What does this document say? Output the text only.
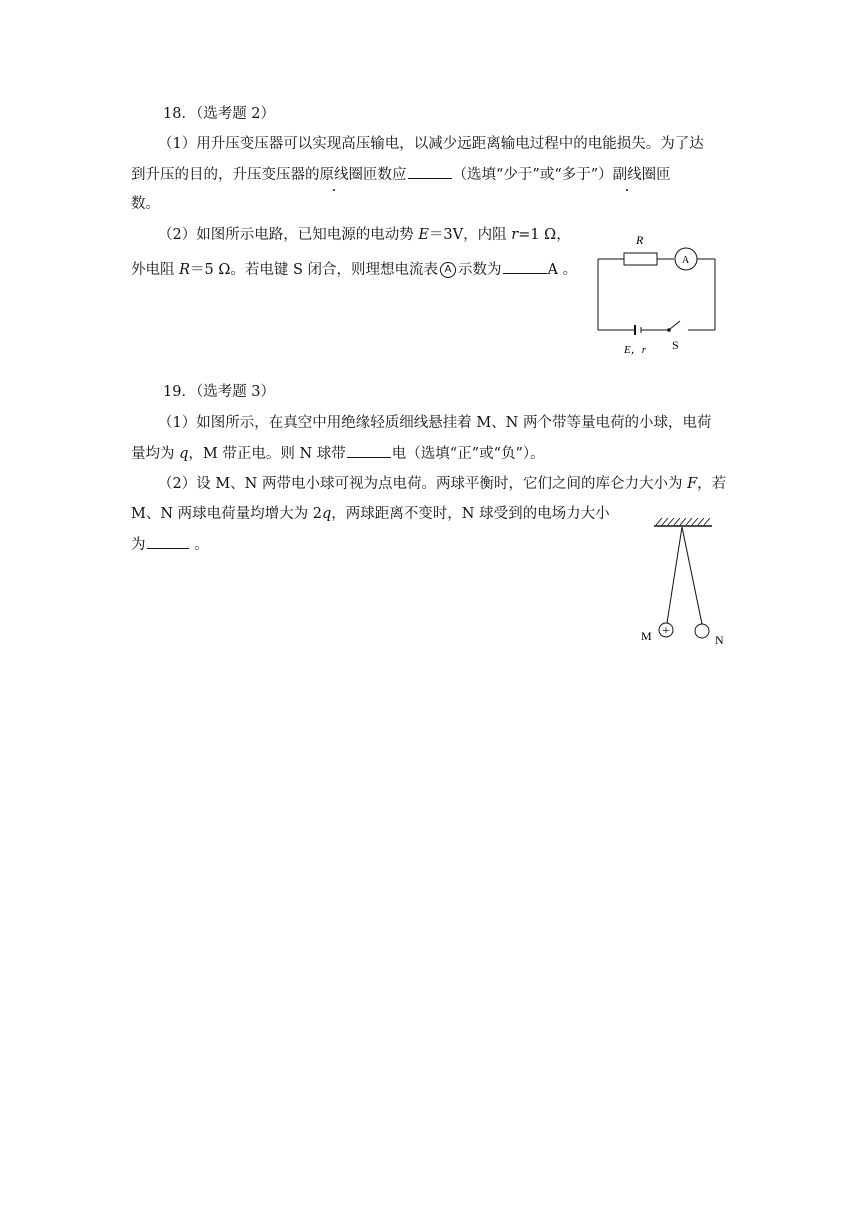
18．（选考题 2）
（1）用升压变压器可以实现高压输电，以减少远距离输电过程中的电能损失。为了达
到升压的目的，升压变压器的原线圈匝数应	（选填“少于”或“多于”）副线圈匝
数。
（2）如图所示电路，已知电源的电动势 E＝3V，内阻 r=1 Ω，
外电阻 R＝5 Ω。若电键 S 闭合，则理想电流表 A 示数为	A 。
R
A
E，r S
19．（选考题 3）
（1）如图所示，在真空中用绝缘轻质细线悬挂着 M、N 两个带等量电荷的小球，电荷
量均为 q，M 带正电。则 N 球带	电（选填“正”或“负”）。
（2）设 M、N 两带电小球可视为点电荷。两球平衡时，它们之间的库仑力大小为 F，若
M、N 两球电荷量均增大为 2q，两球距离不变时，N 球受到的电场力大小
为	。
+
M	N
